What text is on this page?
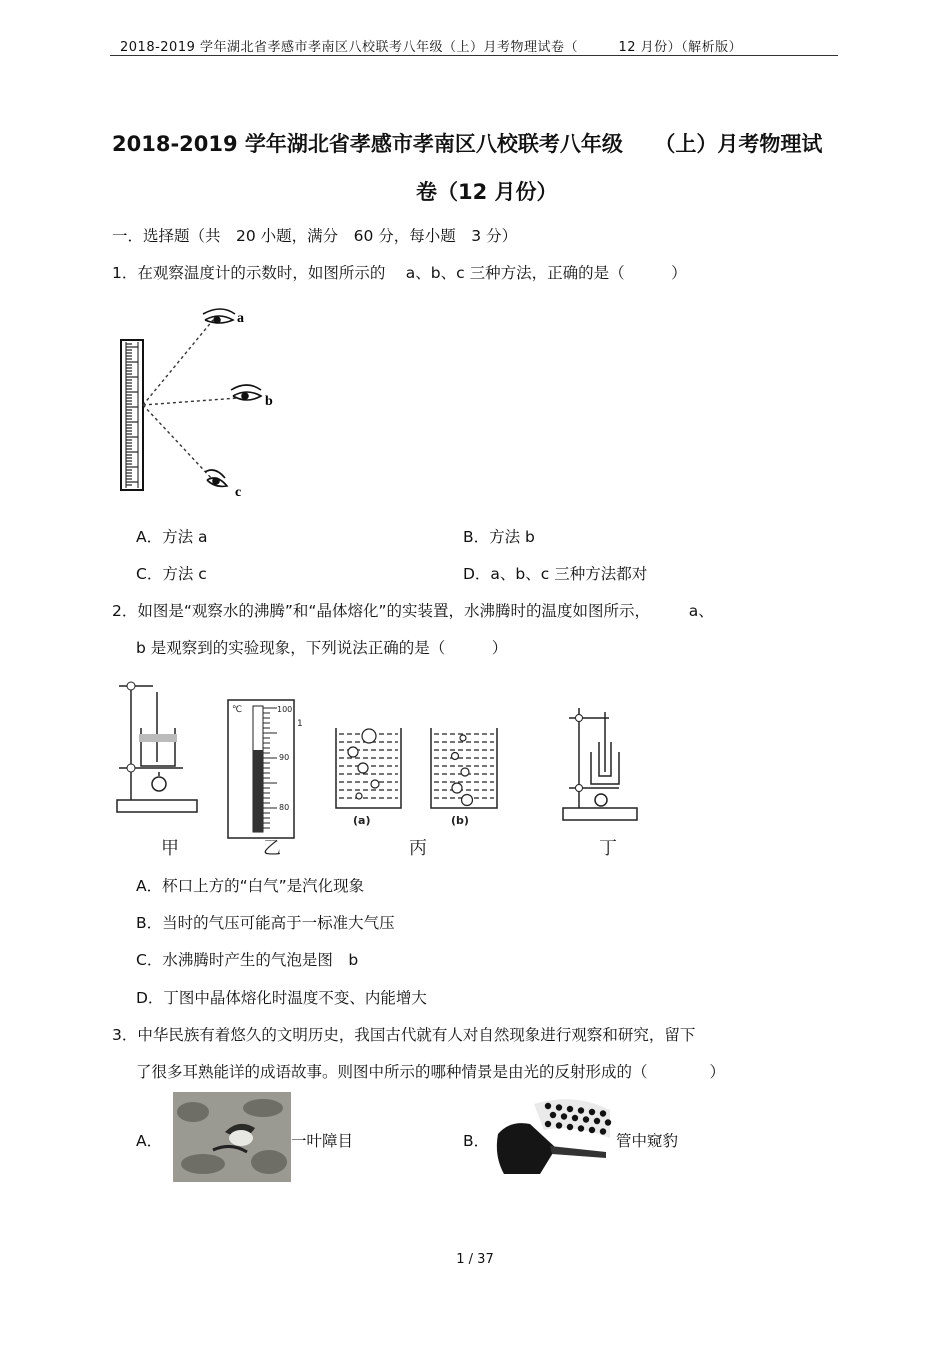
2018-2019 学年湖北省孝感市孝南区八校联考八年级（上）月考物理试卷（　　　12 月份）（解析版）
2018-2019 学年湖北省孝感市孝南区八校联考八年级　　（上）月考物理试
卷（12 月份）
一．选择题（共　20 小题，满分　60 分，每小题　3 分）
1．在观察温度计的示数时，如图所示的　 a、b、c 三种方法，正确的是（　　　）
a
b
c
A．方法 a	B．方法 b
C．方法 c	D．a、b、c 三种方法都对
2．如图是“观察水的沸腾”和“晶体熔化”的实装置，水沸腾时的温度如图所示，　　　a、
b 是观察到的实验现象，下列说法正确的是（　　　）
℃	100
90
80
1
(a)	(b)
甲	乙	丙	丁
A．杯口上方的“白气”是汽化现象
B．当时的气压可能高于一标准大气压
C．水沸腾时产生的气泡是图　b
D．丁图中晶体熔化时温度不变、内能增大
3．中华民族有着悠久的文明历史，我国古代就有人对自然现象进行观察和研究，留下
了很多耳熟能详的成语故事。则图中所示的哪种情景是由光的反射形成的（　　　　）
A．	一叶障目	B．	管中窥豹
1 / 37
